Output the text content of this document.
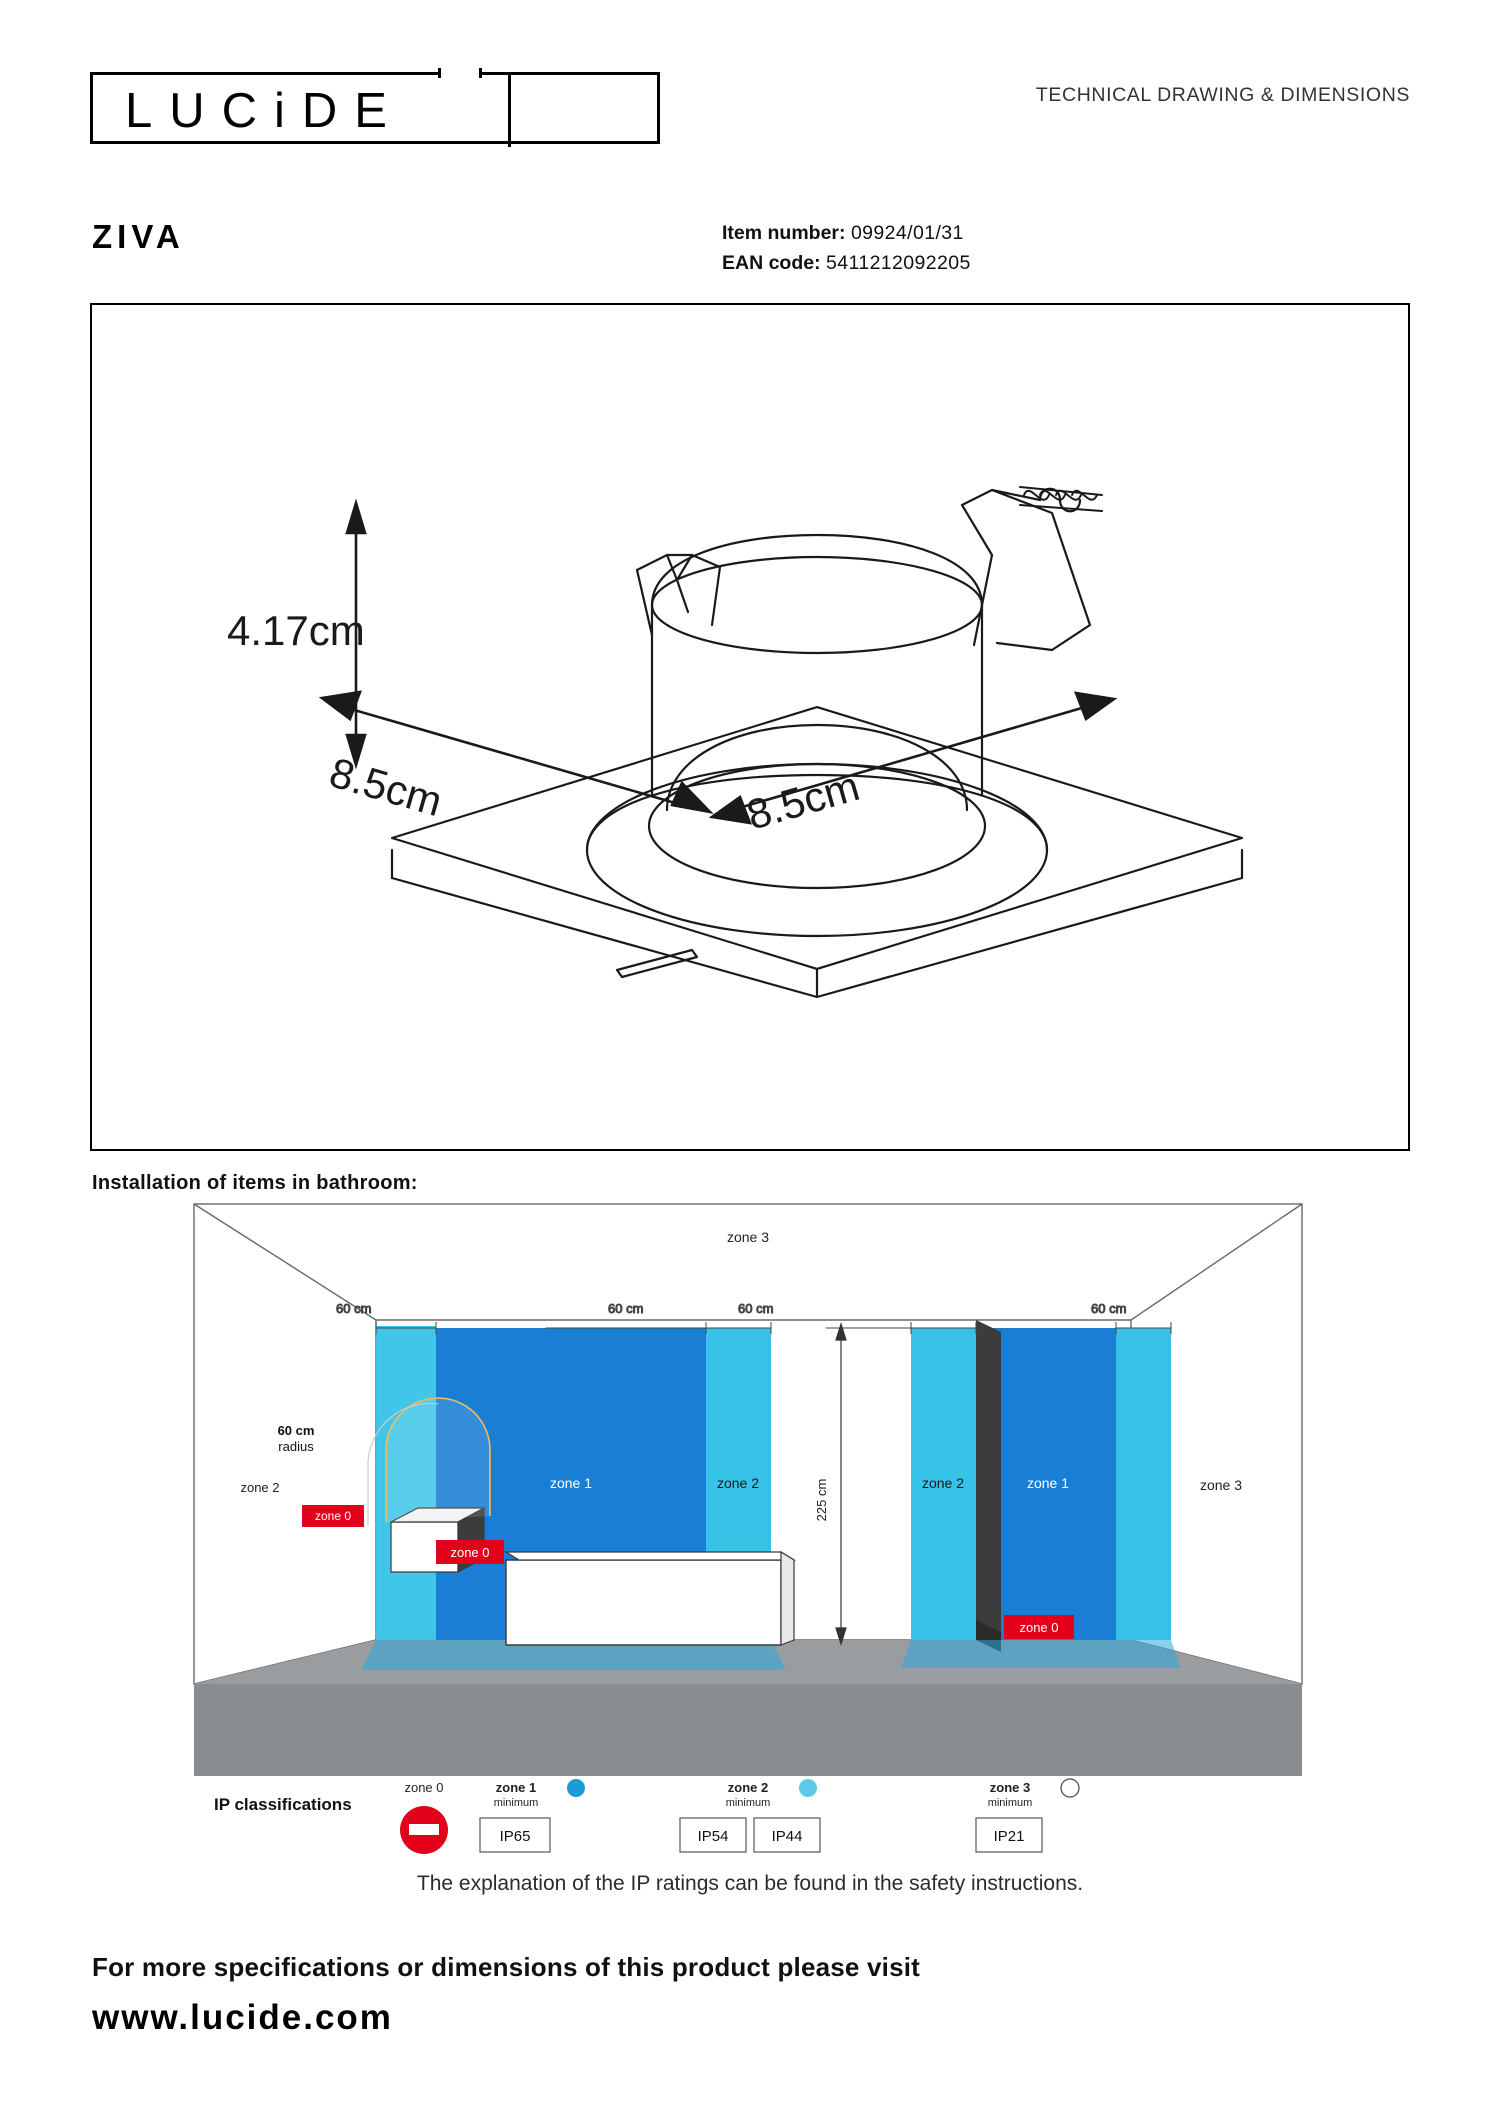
LUCiDE	TECHNICAL DRAWING & DIMENSIONS
ZIVA	Item number: 09924/01/31
EAN code: 5411212092205
4.17cm
8.5cm	8.5cm
Installation of items in bathroom:
zone 3
zone 3
60 cm	60 cm	60 cm	60 cm
225 cm
zone 1	zone 2	zone 2	zone 1
zone 2
60 cm
radius
zone 0
zone 0
zone 0
IP classifications
zone 0	zone 1
minimum
IP65
zone 2
minimum
IP54	IP44
zone 3
minimum
IP21
The explanation of the IP ratings can be found in the safety instructions.
For more specifications or dimensions of this product please visit
www.lucide.com
